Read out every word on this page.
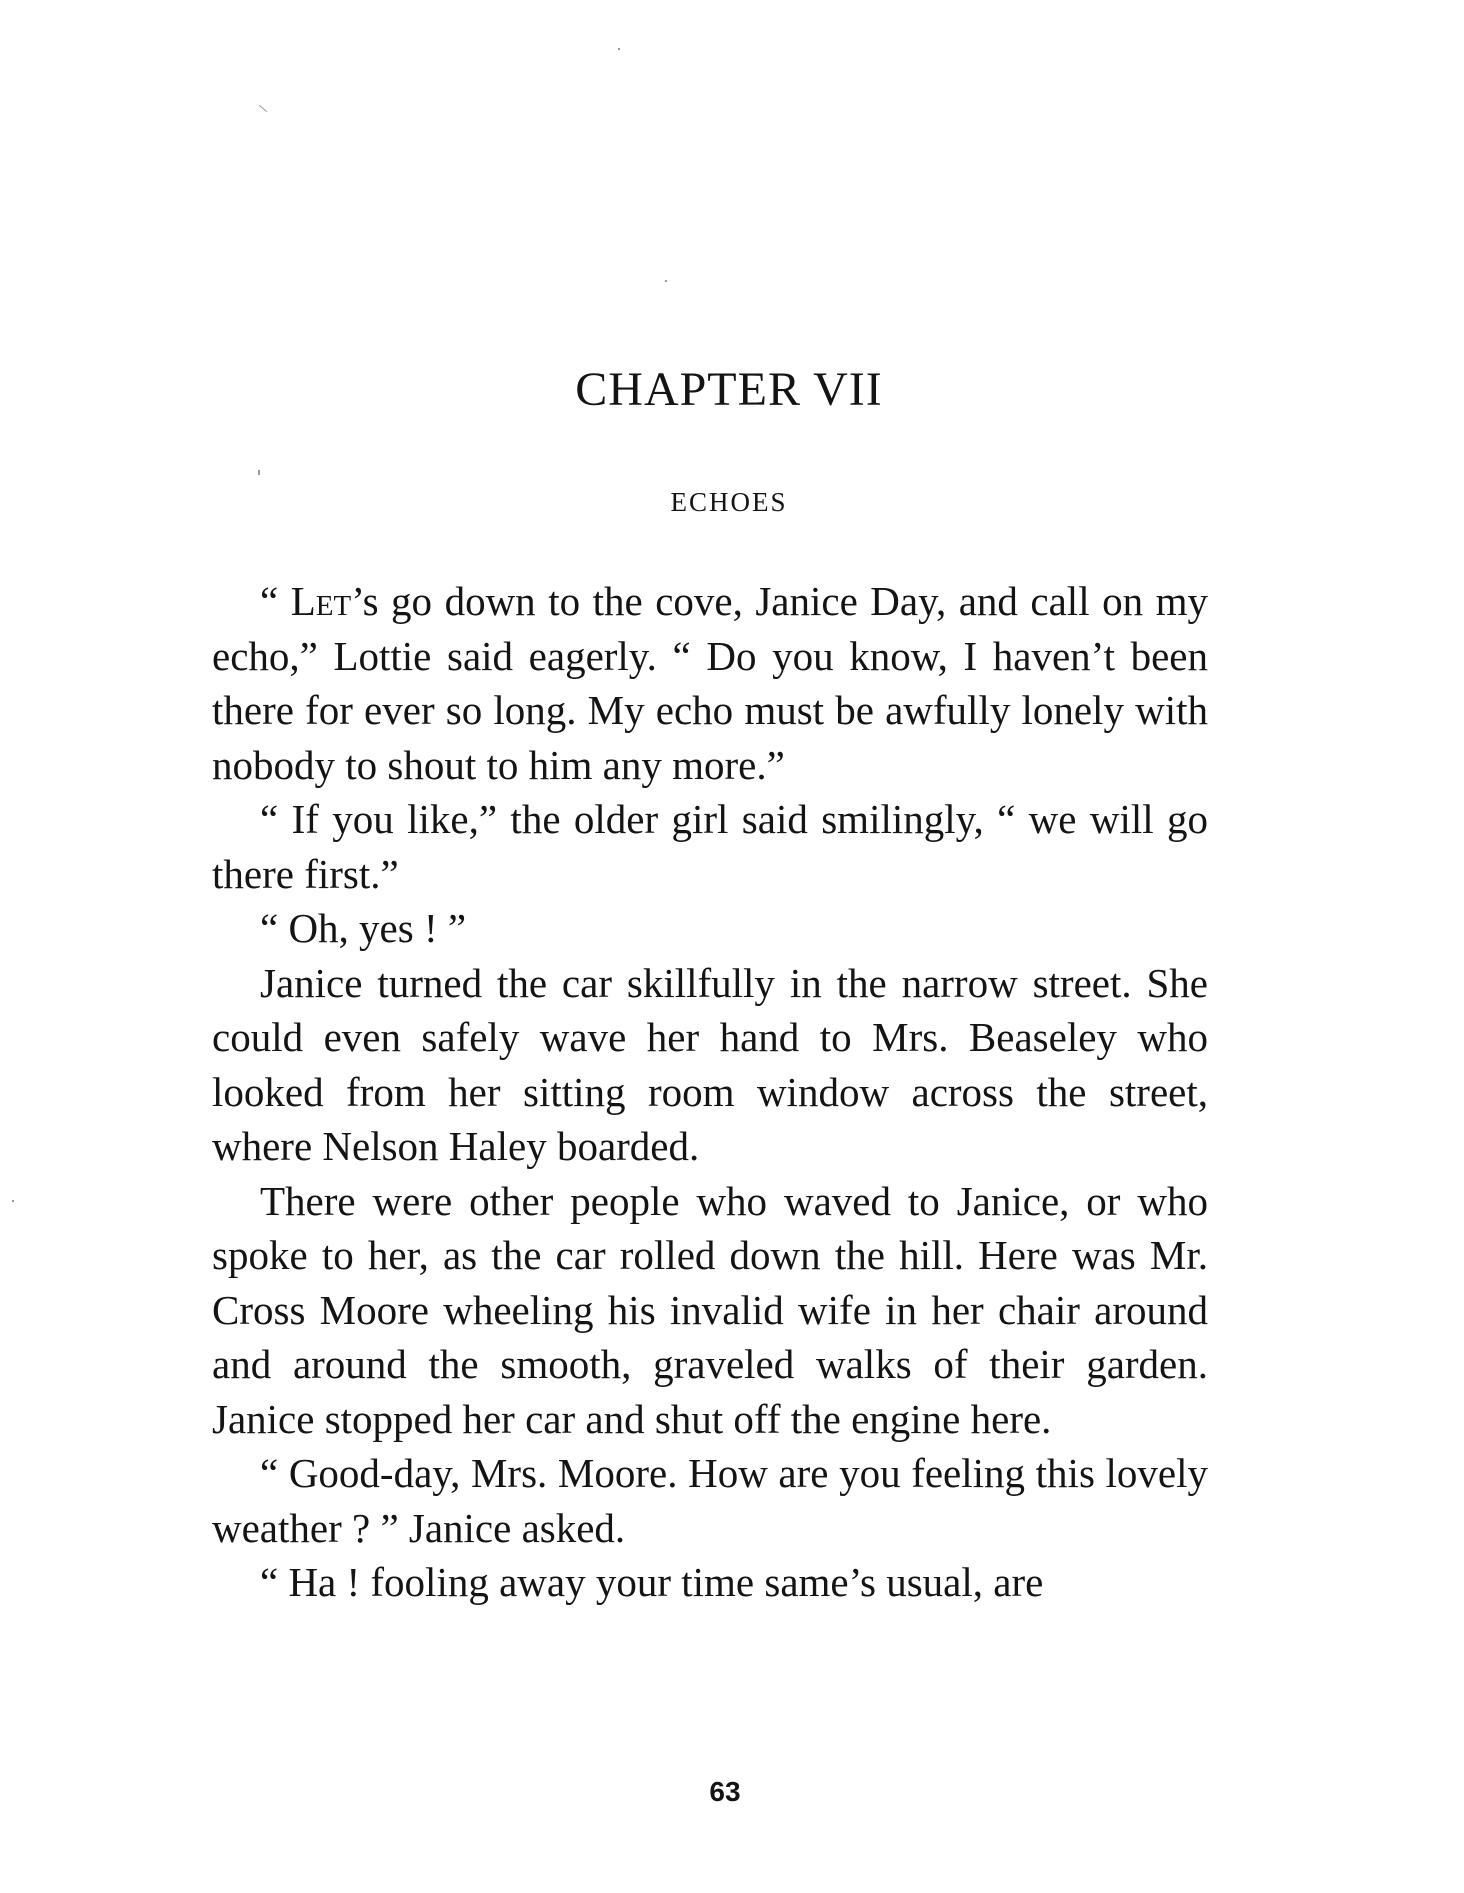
CHAPTER VII
ECHOES

“ Let’s go down to the cove, Janice Day, and call on my echo,” Lottie said eagerly. “ Do you know, I haven’t been there for ever so long. My echo must be awfully lonely with nobody to shout to him any more.”

“ If you like,” the older girl said smilingly, “ we will go there first.”

“ Oh, yes ! ”

Janice turned the car skillfully in the narrow street. She could even safely wave her hand to Mrs. Beaseley who looked from her sitting room window across the street, where Nelson Haley boarded.

There were other people who waved to Janice, or who spoke to her, as the car rolled down the hill. Here was Mr. Cross Moore wheeling his invalid wife in her chair around and around the smooth, graveled walks of their garden. Janice stopped her car and shut off the engine here.

“ Good-day, Mrs. Moore. How are you feeling this lovely weather ? ” Janice asked.

“ Ha ! fooling away your time same’s usual, are

63
